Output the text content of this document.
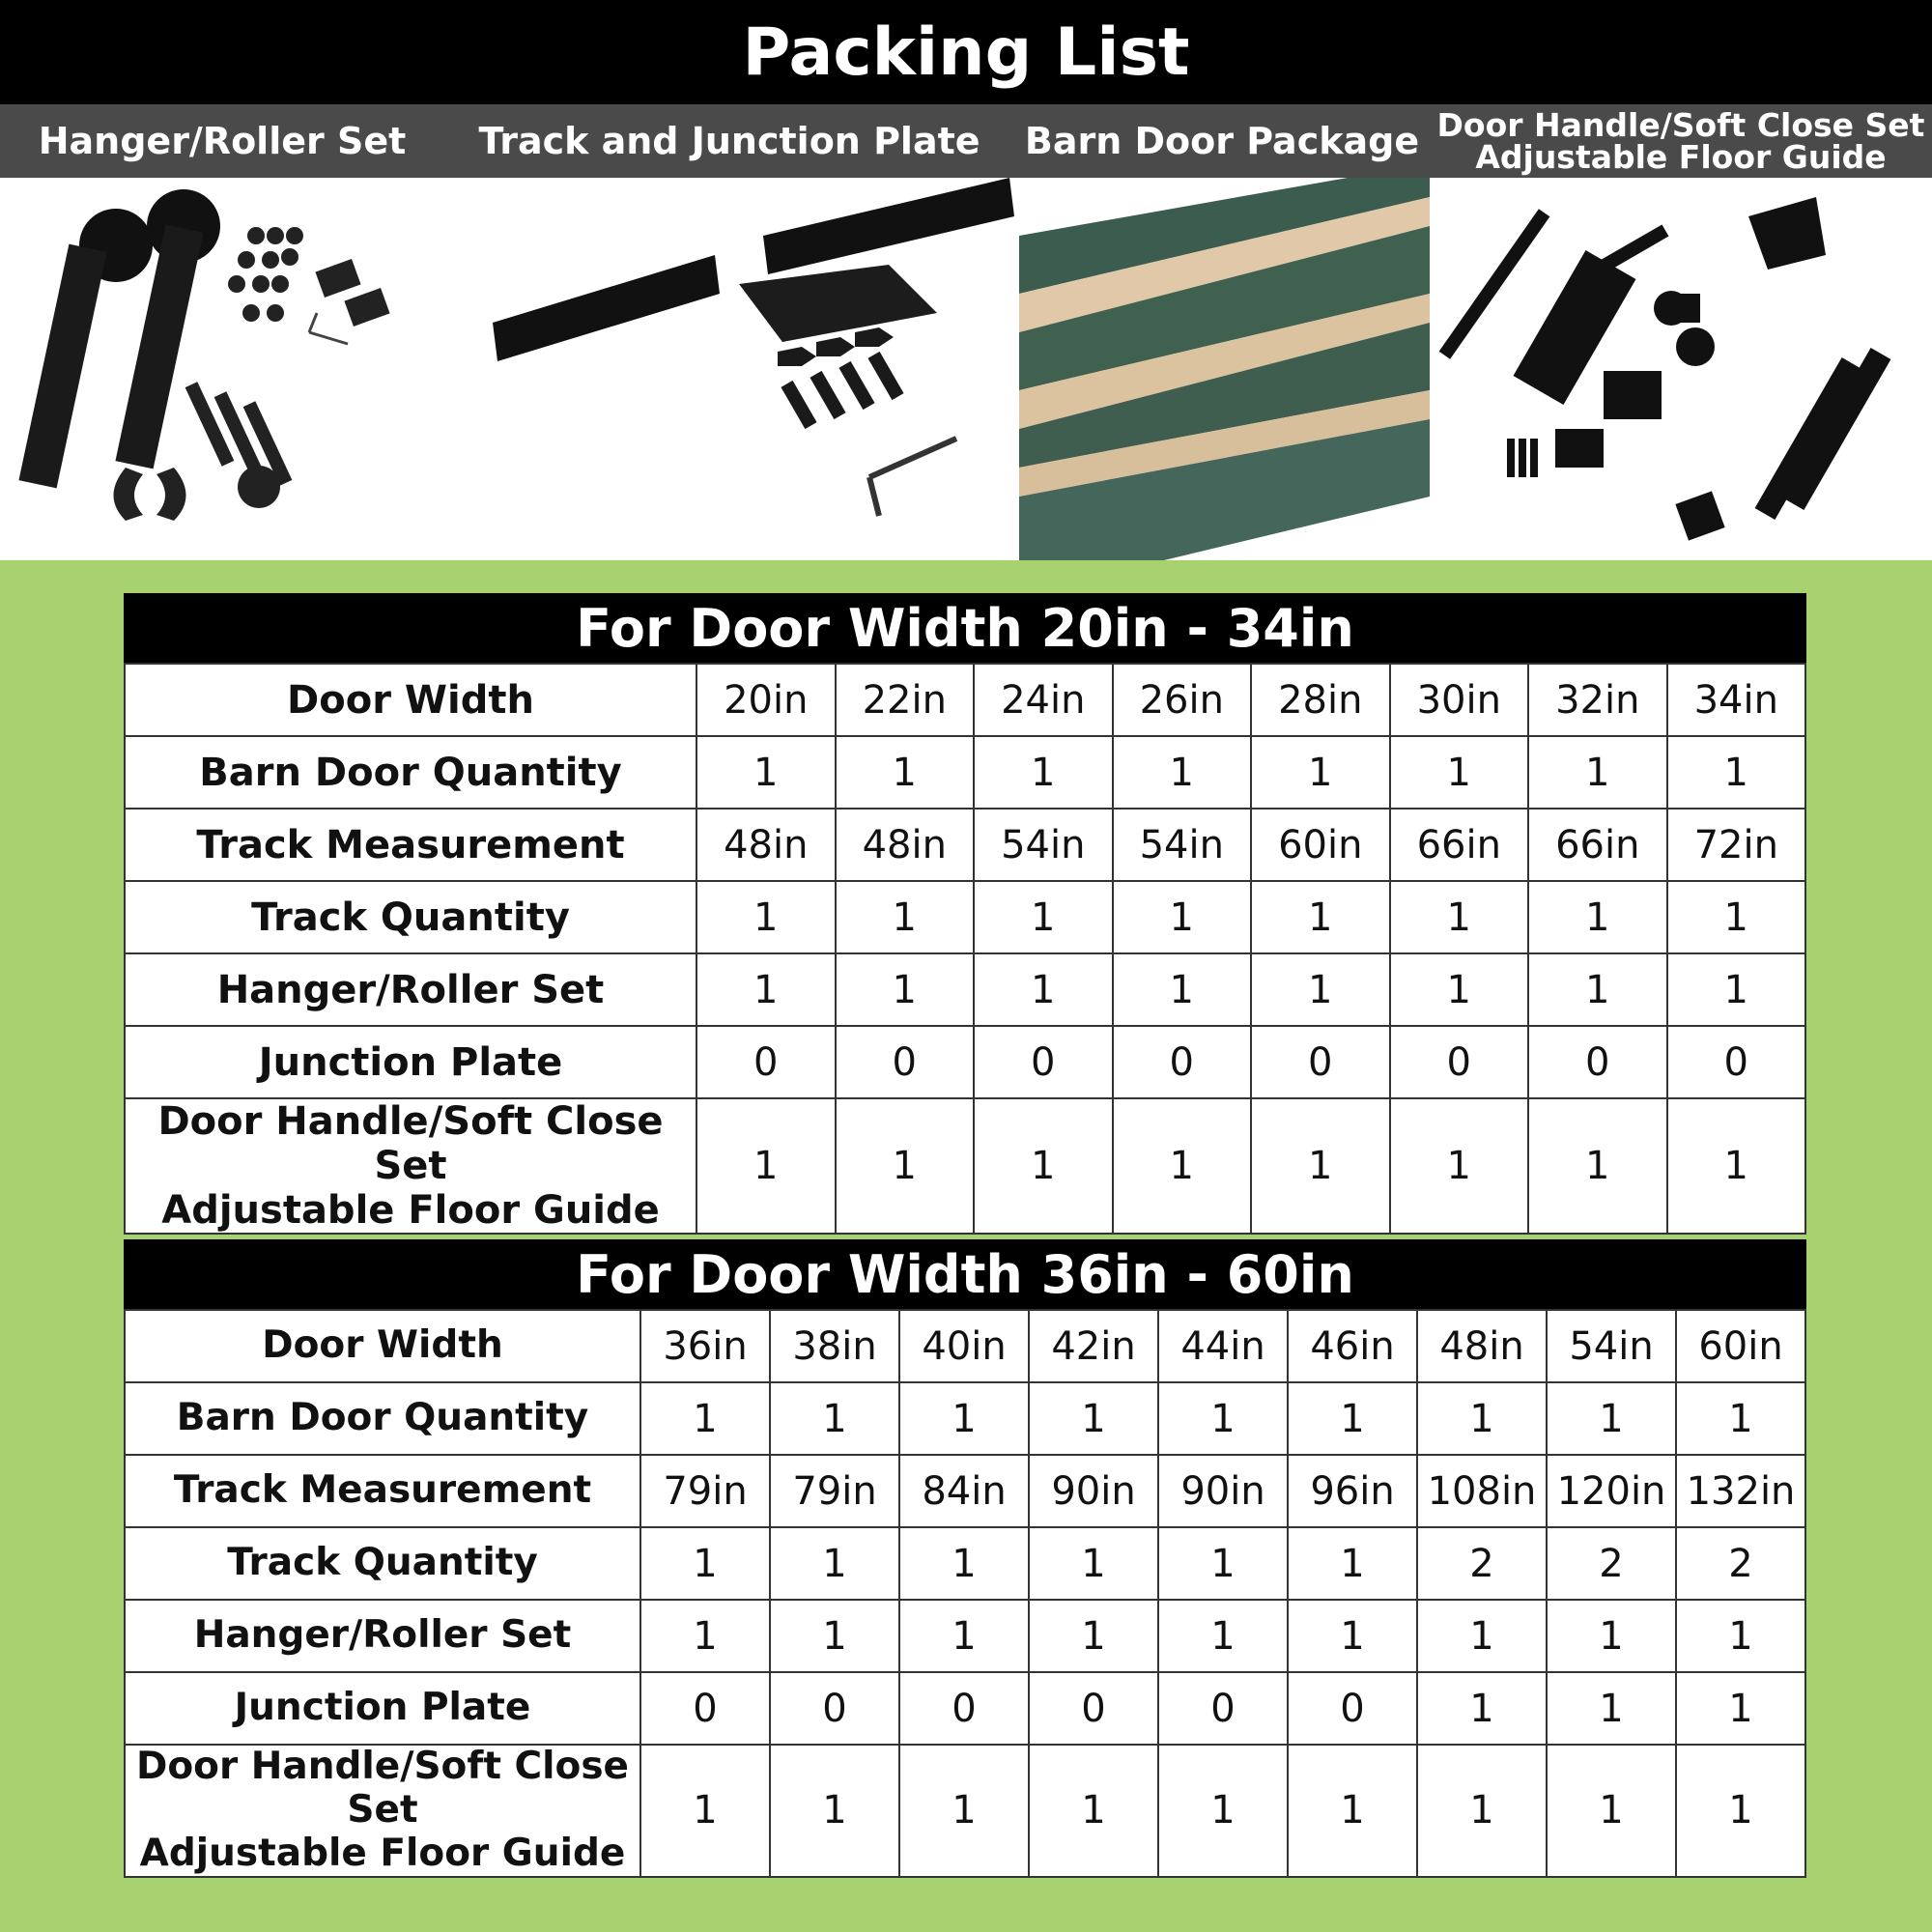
Packing List
Hanger/Roller Set	Track and Junction Plate	Barn Door Package Door Handle/Soft Close Set
Adjustable Floor Guide
For Door Width 20in - 34in
Door Width	20in	22in	24in	26in	28in	30in	32in	34in
Barn Door Quantity	1	1	1	1	1	1	1	1
Track Measurement	48in	48in	54in	54in	60in	66in	66in	72in
Track Quantity	1	1	1	1	1	1	1	1
Hanger/Roller Set	1	1	1	1	1	1	1	1
Junction Plate	0	0	0	0	0	0	0	0

Door Handle/Soft Close Set
Adjustable Floor Guide	1	1	1	1	1	1	1	1
For Door Width 36in - 60in
Door Width	36in	38in	40in	42in	44in	46in	48in	54in	60in
Barn Door Quantity	1	1	1	1	1	1	1	1	1
Track Measurement	79in	79in	84in	90in	90in	96in	108in	120in	132in
Track Quantity	1	1	1	1	1	1	2	2	2
Hanger/Roller Set	1	1	1	1	1	1	1	1	1
Junction Plate	0	0	0	0	0	0	1	1	1

Door Handle/Soft Close Set
Adjustable Floor Guide	1	1	1	1	1	1	1	1	1
